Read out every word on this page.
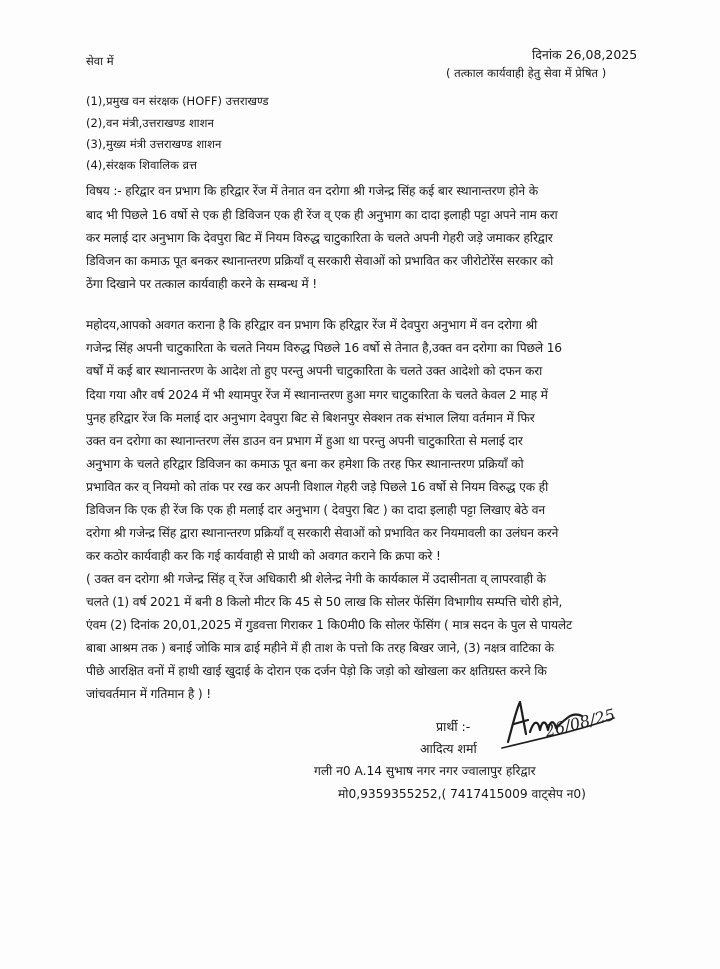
सेवा में	दिनांक 26,08,2025
( तत्काल कार्यवाही हेतु सेवा में प्रेषित )
(1),प्रमुख वन संरक्षक (HOFF) उत्तराखण्ड
(2),वन मंत्री,उत्तराखण्ड शाशन
(3),मुख्य मंत्री उत्तराखण्ड शाशन
(4),संरक्षक शिवालिक व्रत्त
विषय :- हरिद्वार वन प्रभाग कि हरिद्वार रेंज में तेनात वन दरोगा श्री गजेन्द्र सिंह कई बार स्थानान्तरण होने के
बाद भी पिछले 16 वर्षो से एक ही डिविजन एक ही रेंज व् एक ही अनुभाग का दादा इलाही पट्टा अपने नाम करा
कर मलाई दार अनुभाग कि देवपुरा बिट में नियम विरुद्ध चाटुकारिता के चलते अपनी गेहरी जड़े जमाकर हरिद्वार
डिविजन का कमाऊ पूत बनकर स्थानान्तरण प्रक्रियाँ व् सरकारी सेवाओं को प्रभावित कर जीरोटोरेंस सरकार को
ठेंगा दिखाने पर तत्काल कार्यवाही करने के सम्बन्ध में !
महोदय,आपको अवगत कराना है कि हरिद्वार वन प्रभाग कि हरिद्वार रेंज में देवपुरा अनुभाग में वन दरोगा श्री
गजेन्द्र सिंह अपनी चाटुकारिता के चलते नियम विरुद्ध पिछले 16 वर्षो से तेनात है,उक्त वन दरोगा का पिछले 16
वर्षों में कई बार स्थानान्तरण के आदेश तो हुए परन्तु अपनी चाटुकारिता के चलते उक्त आदेशो को दफन करा
दिया गया और वर्ष 2024 में भी श्यामपुर रेंज में स्थानान्तरण हुआ मगर चाटुकारिता के चलते केवल 2 माह में
पुनह हरिद्वार रेंज कि मलाई दार अनुभाग देवपुरा बिट से बिशनपुर सेक्शन तक संभाल लिया वर्तमान में फिर
उक्त वन दरोगा का स्थानान्तरण लेंस डाउन वन प्रभाग में हुआ था परन्तु अपनी चाटुकारिता से मलाई दार
अनुभाग के चलते हरिद्वार डिविजन का कमाऊ पूत बना कर हमेशा कि तरह फिर स्थानान्तरण प्रक्रियाँ को
प्रभावित कर व् नियमो को तांक पर रख कर अपनी विशाल गेहरी जड़े पिछले 16 वर्षो से नियम विरुद्ध एक ही
डिविजन कि एक ही रेंज कि एक ही मलाई दार अनुभाग ( देवपुरा बिट ) का दादा इलाही पट्टा लिखाए बेठे वन
दरोगा श्री गजेन्द्र सिंह द्वारा स्थानान्तरण प्रक्रियाँ व् सरकारी सेवाओं को प्रभावित कर नियमावली का उलंघन करने
कर कठोर कार्यवाही कर कि गई कार्यवाही से प्राथी को अवगत कराने कि क्रपा करे !
( उक्त वन दरोगा श्री गजेन्द्र सिंह व् रेंज अधिकारी श्री शेलेन्द्र नेगी के कार्यकाल में उदासीनता व् लापरवाही के
चलते (1) वर्ष 2021 में बनी 8 किलो मीटर कि 45 से 50 लाख कि सोलर फेंसिंग विभागीय सम्पत्ति चोरी होने,
एंवम (2) दिनांक 20,01,2025 में गुडवत्ता गिराकर 1 कि0मी0 कि सोलर फेंसिंग ( मात्र सदन के पुल से पायलेट
बाबा आश्रम तक ) बनाई जोकि मात्र ढाई महीने में ही ताश के पत्तो कि तरह बिखर जाने, (3) नक्षत्र वाटिका के
पीछे आरक्षित वनों में हाथी खाई खुदाई के दोरान एक दर्जन पेड़ो कि जड़ो को खोखला कर क्षतिग्रस्त करने कि
जांचवर्तमान में गतिमान है ) !
प्रार्थी :-
आदित्य शर्मा
गली न0 A.14 सुभाष नगर नगर ज्वालापुर हरिद्वार
मो0,9359355252,( 7417415009 वाट्सेप न0)
26/08/25
